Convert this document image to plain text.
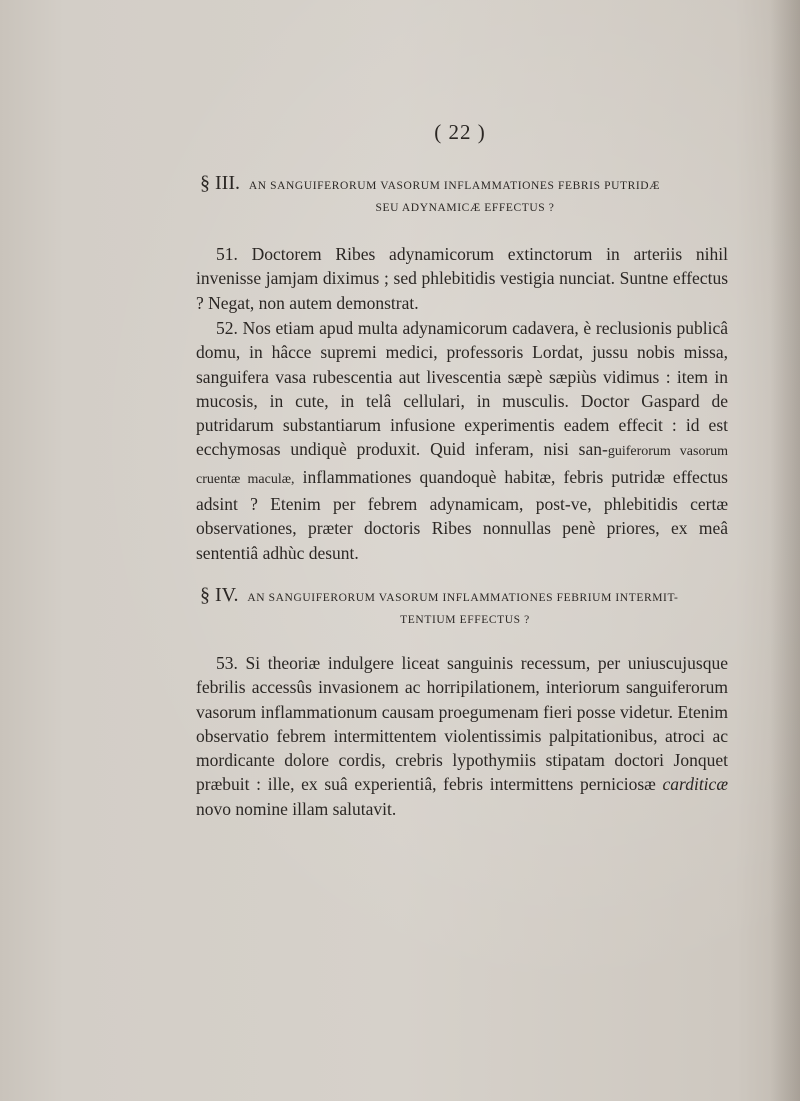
( 22 )
§ III. AN SANGUIFERORUM VASORUM INFLAMMATIONES FEBRIS PUTRIDÆ
SEU ADYNAMICÆ EFFECTUS ?

51. Doctorem Ribes adynamicorum extinctorum in arteriis nihil invenisse jamjam diximus ; sed phlebitidis vestigia nunciat. Suntne effectus ? Negat, non autem demonstrat.

52. Nos etiam apud multa adynamicorum cadavera, è reclusionis publicâ domu, in hâcce supremi medici, professoris Lordat, jussu nobis missa, sanguifera vasa rubescentia aut livescentia sæpè sæpiùs vidimus : item in mucosis, in cute, in telâ cellulari, in musculis. Doctor Gaspard de putridarum substantiarum infusione experimentis eadem effecit : id est ecchymosas undiquè produxit. Quid inferam, nisi san-guiferorum vasorum cruentæ maculæ, inflammationes quandoquè habitæ, febris putridæ effectus adsint ? Etenim per febrem adynamicam, post-ve, phlebitidis certæ observationes, præter doctoris Ribes nonnullas penè priores, ex meâ sententiâ adhùc desunt.

§ IV. AN SANGUIFERORUM VASORUM INFLAMMATIONES FEBRIUM INTERMIT-
TENTIUM EFFECTUS ?

53. Si theoriæ indulgere liceat sanguinis recessum, per uniuscujusque febrilis accessûs invasionem ac horripilationem, interiorum sanguiferorum vasorum inflammationum causam proegumenam fieri posse videtur. Etenim observatio febrem intermittentem violentissimis palpitationibus, atroci ac mordicante dolore cordis, crebris lypothymiis stipatam doctori Jonquet præbuit : ille, ex suâ experientiâ, febris intermittens perniciosæ carditicæ novo nomine illam salutavit.
